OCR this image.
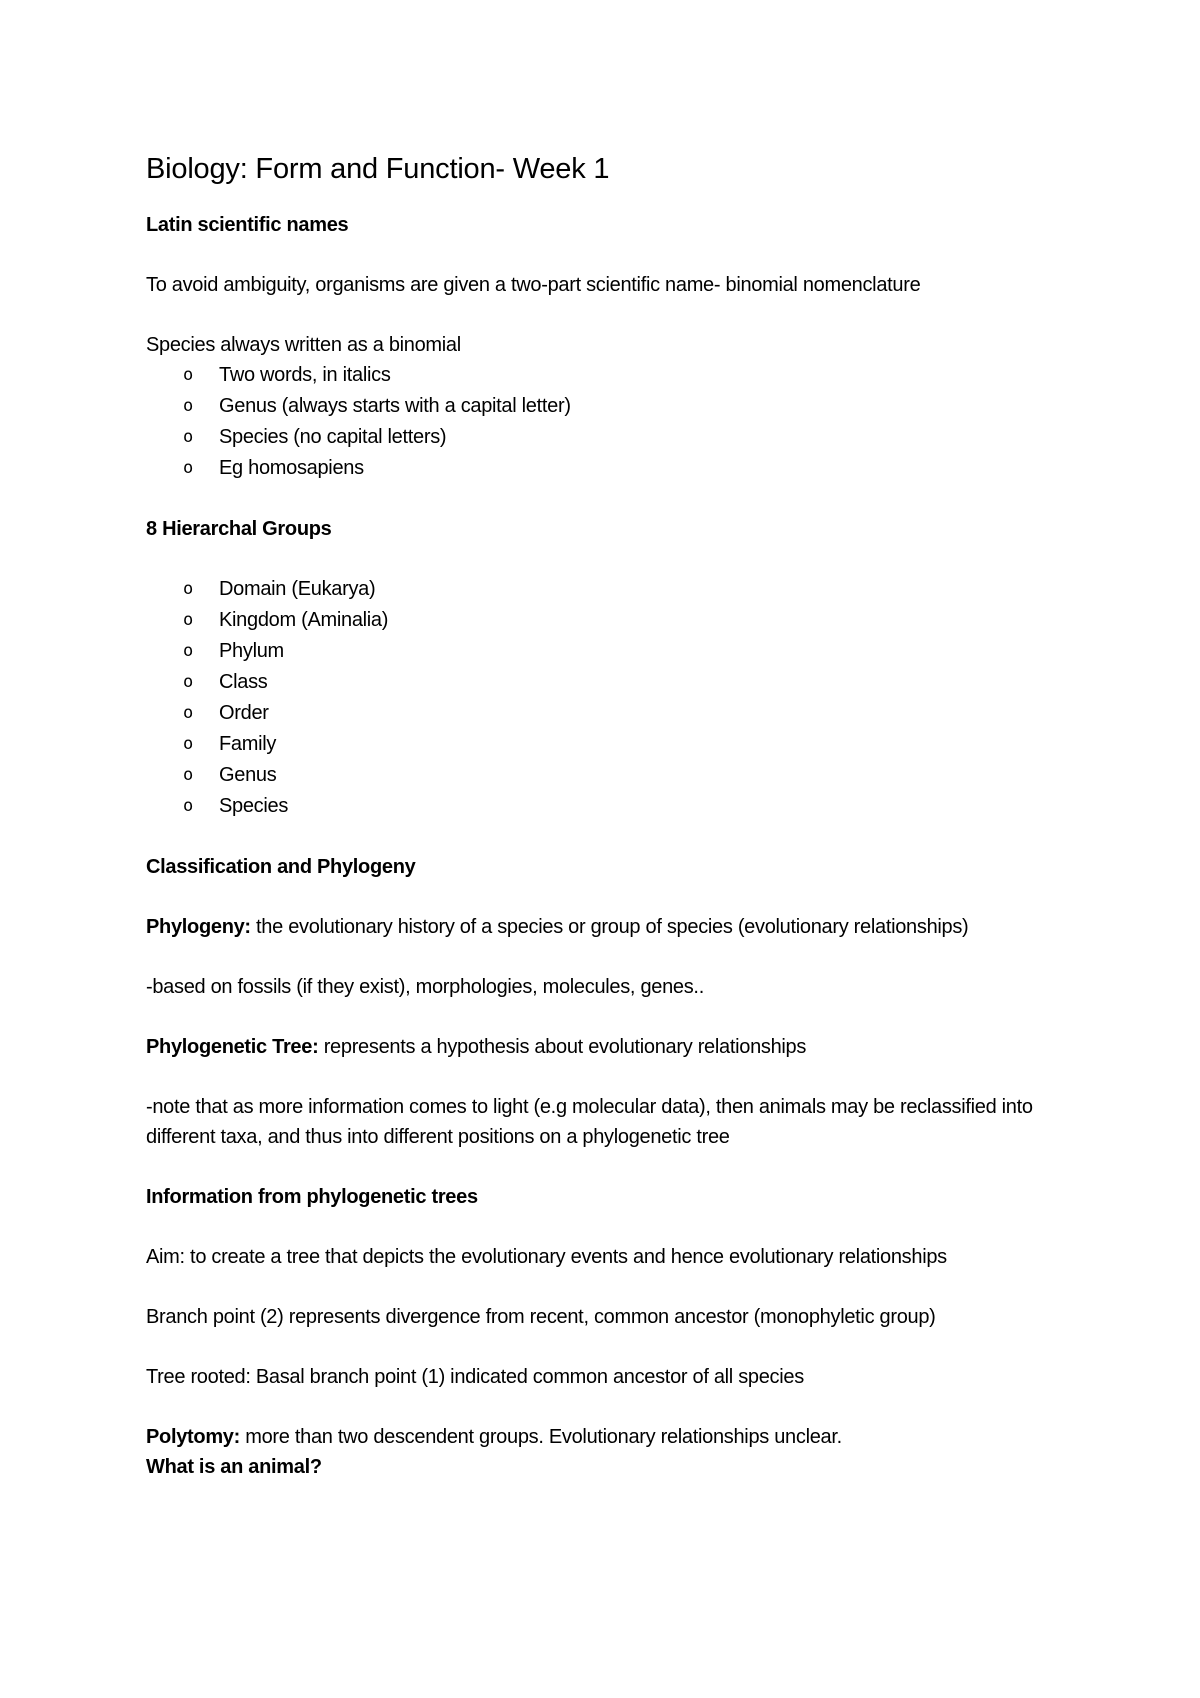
Biology: Form and Function- Week 1

Latin scientific names

To avoid ambiguity, organisms are given a two-part scientific name- binomial nomenclature

Species always written as a binomial

o Two words, in italics
o Genus (always starts with a capital letter)
o Species (no capital letters)
o Eg homosapiens

8 Hierarchal Groups

o Domain (Eukarya)
o Kingdom (Aminalia)
o Phylum
o Class
o Order
o Family
o Genus
o Species

Classification and Phylogeny

Phylogeny: the evolutionary history of a species or group of species (evolutionary relationships)

-based on fossils (if they exist), morphologies, molecules, genes..

Phylogenetic Tree: represents a hypothesis about evolutionary relationships

-note that as more information comes to light (e.g molecular data), then animals may be reclassified into different taxa, and thus into different positions on a phylogenetic tree

Information from phylogenetic trees

Aim: to create a tree that depicts the evolutionary events and hence evolutionary relationships

Branch point (2) represents divergence from recent, common ancestor (monophyletic group)

Tree rooted: Basal branch point (1) indicated common ancestor of all species

Polytomy: more than two descendent groups. Evolutionary relationships unclear.

What is an animal?
